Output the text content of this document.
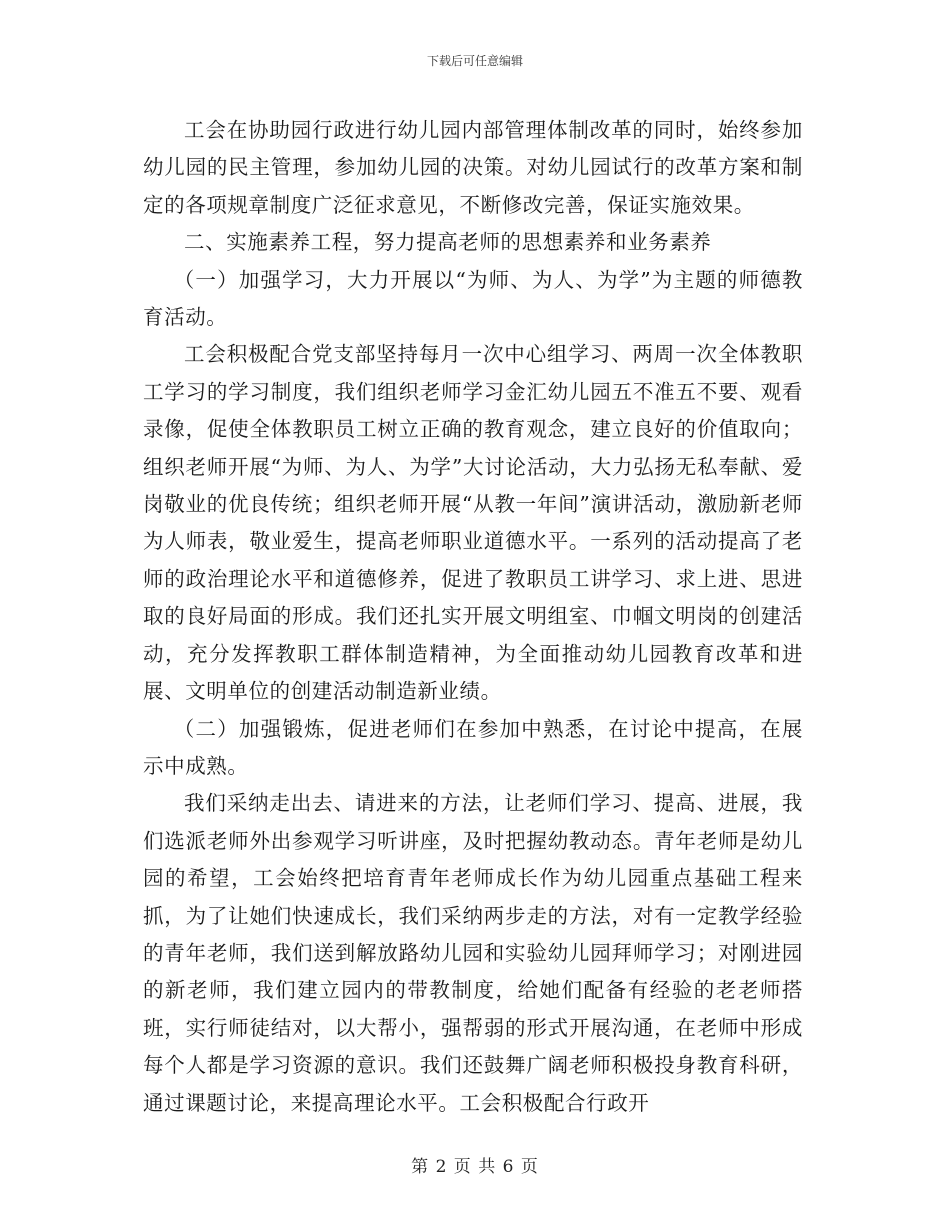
下载后可任意编辑

工会在协助园行政进行幼儿园内部管理体制改革的同时，始终参加幼儿园的民主管理，参加幼儿园的决策。对幼儿园试行的改革方案和制定的各项规章制度广泛征求意见，不断修改完善，保证实施效果。

二、实施素养工程，努力提高老师的思想素养和业务素养

（一）加强学习，大力开展以“为师、为人、为学”为主题的师德教育活动。

工会积极配合党支部坚持每月一次中心组学习、两周一次全体教职工学习的学习制度，我们组织老师学习金汇幼儿园五不准五不要、观看录像，促使全体教职员工树立正确的教育观念，建立良好的价值取向；组织老师开展“为师、为人、为学”大讨论活动，大力弘扬无私奉献、爱岗敬业的优良传统；组织老师开展“从教一年间”演讲活动，激励新老师为人师表，敬业爱生，提高老师职业道德水平。一系列的活动提高了老师的政治理论水平和道德修养，促进了教职员工讲学习、求上进、思进取的良好局面的形成。我们还扎实开展文明组室、巾帼文明岗的创建活动，充分发挥教职工群体制造精神，为全面推动幼儿园教育改革和进展、文明单位的创建活动制造新业绩。

（二）加强锻炼，促进老师们在参加中熟悉，在讨论中提高，在展示中成熟。

我们采纳走出去、请进来的方法，让老师们学习、提高、进展，我们选派老师外出参观学习听讲座，及时把握幼教动态。青年老师是幼儿园的希望，工会始终把培育青年老师成长作为幼儿园重点基础工程来抓，为了让她们快速成长，我们采纳两步走的方法，对有一定教学经验的青年老师，我们送到解放路幼儿园和实验幼儿园拜师学习；对刚进园的新老师，我们建立园内的带教制度，给她们配备有经验的老老师搭班，实行师徒结对，以大帮小，强帮弱的形式开展沟通，在老师中形成每个人都是学习资源的意识。我们还鼓舞广阔老师积极投身教育科研，通过课题讨论，来提高理论水平。工会积极配合行政开

第 2 页 共 6 页
